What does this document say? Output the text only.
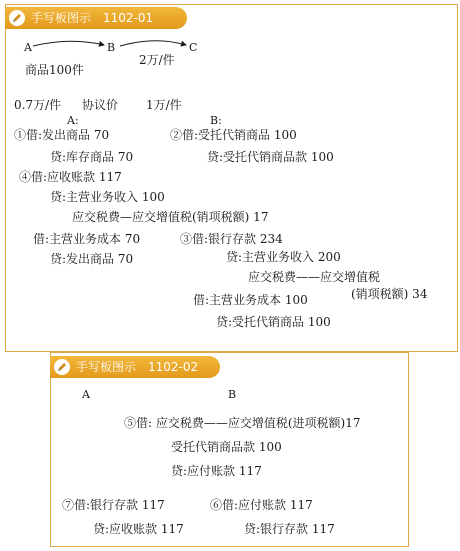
手写板图示 1102-01
A	B	C
商品100件
2万/件
0.7万/件 协议价 1万/件
A:	B:
①借:发出商品 70
贷:库存商品 70
②借:受托代销商品 100
贷:受托代销商品款 100
④借:应收账款 117
贷:主营业务收入 100
应交税费—应交增值税(销项税额) 17
借:主营业务成本 70
贷:发出商品 70
③借:银行存款 234
贷:主营业务收入 200
应交税费——应交增值税
(销项税额) 34
借:主营业务成本 100
贷:受托代销商品 100
手写板图示 1102-02
A	B
⑤借: 应交税费——应交增值税(进项税额)17
受托代销商品款 100
贷:应付账款 117
⑦借:银行存款 117
贷:应收账款 117
⑥借:应付账款 117
贷:银行存款 117
